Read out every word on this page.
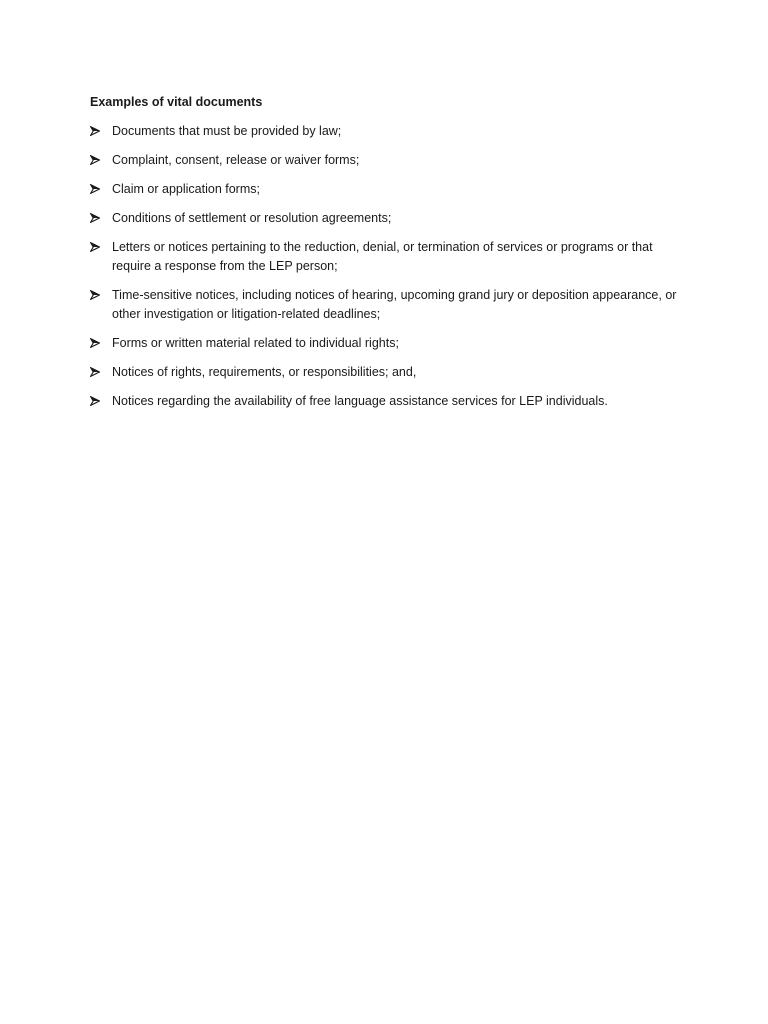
Examples of vital documents
Documents that must be provided by law;
Complaint, consent, release or waiver forms;
Claim or application forms;
Conditions of settlement or resolution agreements;
Letters or notices pertaining to the reduction, denial, or termination of services or programs or that require a response from the LEP person;
Time-sensitive notices, including notices of hearing, upcoming grand jury or deposition appearance, or other investigation or litigation-related deadlines;
Forms or written material related to individual rights;
Notices of rights, requirements, or responsibilities; and,
Notices regarding the availability of free language assistance services for LEP individuals.
